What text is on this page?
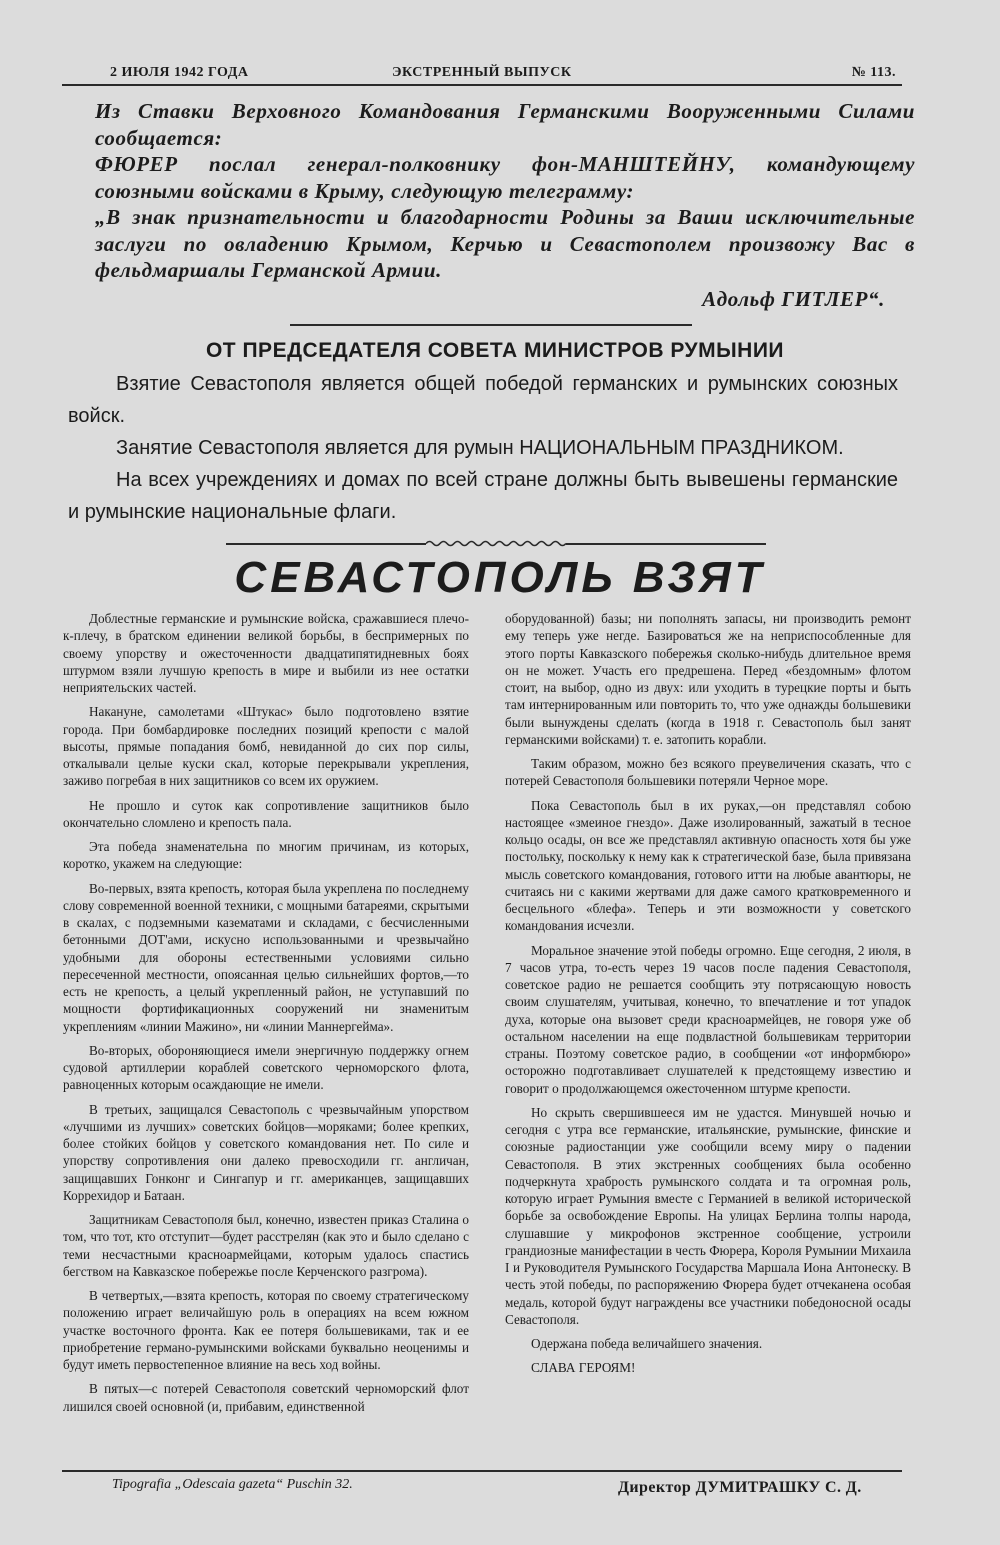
2 ИЮЛЯ 1942 ГОДА	ЭКСТРЕННЫЙ ВЫПУСК	№ 113.

Из Ставки Верховного Командования Германскими Вооруженными Силами сообщается:

ФЮРЕР послал генерал-полковнику фон-МАНШТЕЙНУ, командующему союзными войсками в Крыму, следующую телеграмму:

„В знак признательности и благодарности Родины за Ваши исключительные заслуги по овладению Крымом, Керчью и Севастополем произвожу Вас в фельдмаршалы Германской Армии.

Адольф ГИТЛЕР“.

ОТ ПРЕДСЕДАТЕЛЯ СОВЕТА МИНИСТРОВ РУМЫНИИ

Взятие Севастополя является общей победой германских и румынских союзных войск.

Занятие Севастополя является для румын НАЦИОНАЛЬНЫМ ПРАЗДНИКОМ.

На всех учреждениях и домах по всей стране должны быть вывешены германские и румынские национальные флаги.

СЕВАСТОПОЛЬ ВЗЯТ

Доблестные германские и румынские войска, сражавшиеся плечо-к-плечу, в братском единении великой борьбы, в беспримерных по своему упорству и ожесточенности двадцатипятидневных боях штурмом взяли лучшую крепость в мире и выбили из нее остатки неприятельских частей.

Накануне, самолетами «Штукас» было подготовлено взятие города. При бомбардировке последних позиций крепости с малой высоты, прямые попадания бомб, невиданной до сих пор силы, откалывали целые куски скал, которые перекрывали укрепления, заживо погребая в них защитников со всем их оружием.

Не прошло и суток как сопротивление защитников было окончательно сломлено и крепость пала.

Эта победа знаменательна по многим причинам, из которых, коротко, укажем на следующие:

Во-первых, взята крепость, которая была укреплена по последнему слову современной военной техники, с мощными батареями, скрытыми в скалах, с подземными казематами и складами, с бесчисленными бетонными ДОТ'ами, искусно использованными и чрезвычайно удобными для обороны естественными условиями сильно пересеченной местности, опоясанная целью сильнейших фортов,—то есть не крепость, а целый укрепленный район, не уступавший по мощности фортификационных сооружений ни знаменитым укреплениям «линии Мажино», ни «линии Маннергейма».

Во-вторых, обороняющиеся имели энергичную поддержку огнем судовой артиллерии кораблей советского черноморского флота, равноценных которым осаждающие не имели.

В третьих, защищался Севастополь с чрезвычайным упорством «лучшими из лучших» советских бойцов—моряками; более крепких, более стойких бойцов у советского командования нет. По силе и упорству сопротивления они далеко превосходили гг. англичан, защищавших Гонконг и Сингапур и гг. американцев, защищавших Коррехидор и Батаан.

Защитникам Севастополя был, конечно, известен приказ Сталина о том, что тот, кто отступит—будет расстрелян (как это и было сделано с теми несчастными красноармейцами, которым удалось спастись бегством на Кавказское побережье после Керченского разгрома).

В четвертых,—взята крепость, которая по своему стратегическому положению играет величайшую роль в операциях на всем южном участке восточного фронта. Как ее потеря большевиками, так и ее приобретение германо-румынскими войсками буквально неоценимы и будут иметь первостепенное влияние на весь ход войны.

В пятых—с потерей Севастополя советский черноморский флот лишился своей основной (и, прибавим, единственной

оборудованной) базы; ни пополнять запасы, ни производить ремонт ему теперь уже негде. Базироваться же на неприспособленные для этого порты Кавказского побережья сколько-нибудь длительное время он не может. Участь его предрешена. Перед «бездомным» флотом стоит, на выбор, одно из двух: или уходить в турецкие порты и быть там интернированным или повторить то, что уже однажды большевики были вынуждены сделать (когда в 1918 г. Севастополь был занят германскими войсками) т. е. затопить корабли.

Таким образом, можно без всякого преувеличения сказать, что с потерей Севастополя большевики потеряли Черное море.

Пока Севастополь был в их руках,—он представлял собою настоящее «змеиное гнездо». Даже изолированный, зажатый в тесное кольцо осады, он все же представлял активную опасность хотя бы уже постольку, поскольку к нему как к стратегической базе, была привязана мысль советского командования, готового итти на любые авантюры, не считаясь ни с какими жертвами для даже самого кратковременного и бесцельного «блефа». Теперь и эти возможности у советского командования исчезли.

Моральное значение этой победы огромно. Еще сегодня, 2 июля, в 7 часов утра, то-есть через 19 часов после падения Севастополя, советское радио не решается сообщить эту потрясающую новость своим слушателям, учитывая, конечно, то впечатление и тот упадок духа, которые она вызовет среди красноармейцев, не говоря уже об остальном населении на еще подвластной большевикам территории страны. Поэтому советское радио, в сообщении «от информбюро» осторожно подготавливает слушателей к предстоящему известию и говорит о продолжающемся ожесточенном штурме крепости.

Но скрыть свершившееся им не удастся. Минувшей ночью и сегодня с утра все германские, итальянские, румынские, финские и союзные радиостанции уже сообщили всему миру о падении Севастополя. В этих экстренных сообщениях была особенно подчеркнута храбрость румынского солдата и та огромная роль, которую играет Румыния вместе с Германией в великой исторической борьбе за освобождение Европы. На улицах Берлина толпы народа, слушавшие у микрофонов экстренное сообщение, устроили грандиозные манифестации в честь Фюрера, Короля Румынии Михаила I и Руководителя Румынского Государства Маршала Иона Антонеску. В честь этой победы, по распоряжению Фюрера будет отчеканена особая медаль, которой будут награждены все участники победоносной осады Севастополя.

Одержана победа величайшего значения.

СЛАВА ГЕРОЯМ!

Tipografia „Odescaia gazeta“ Puschin 32.	Директор ДУМИТРАШКУ С. Д.
